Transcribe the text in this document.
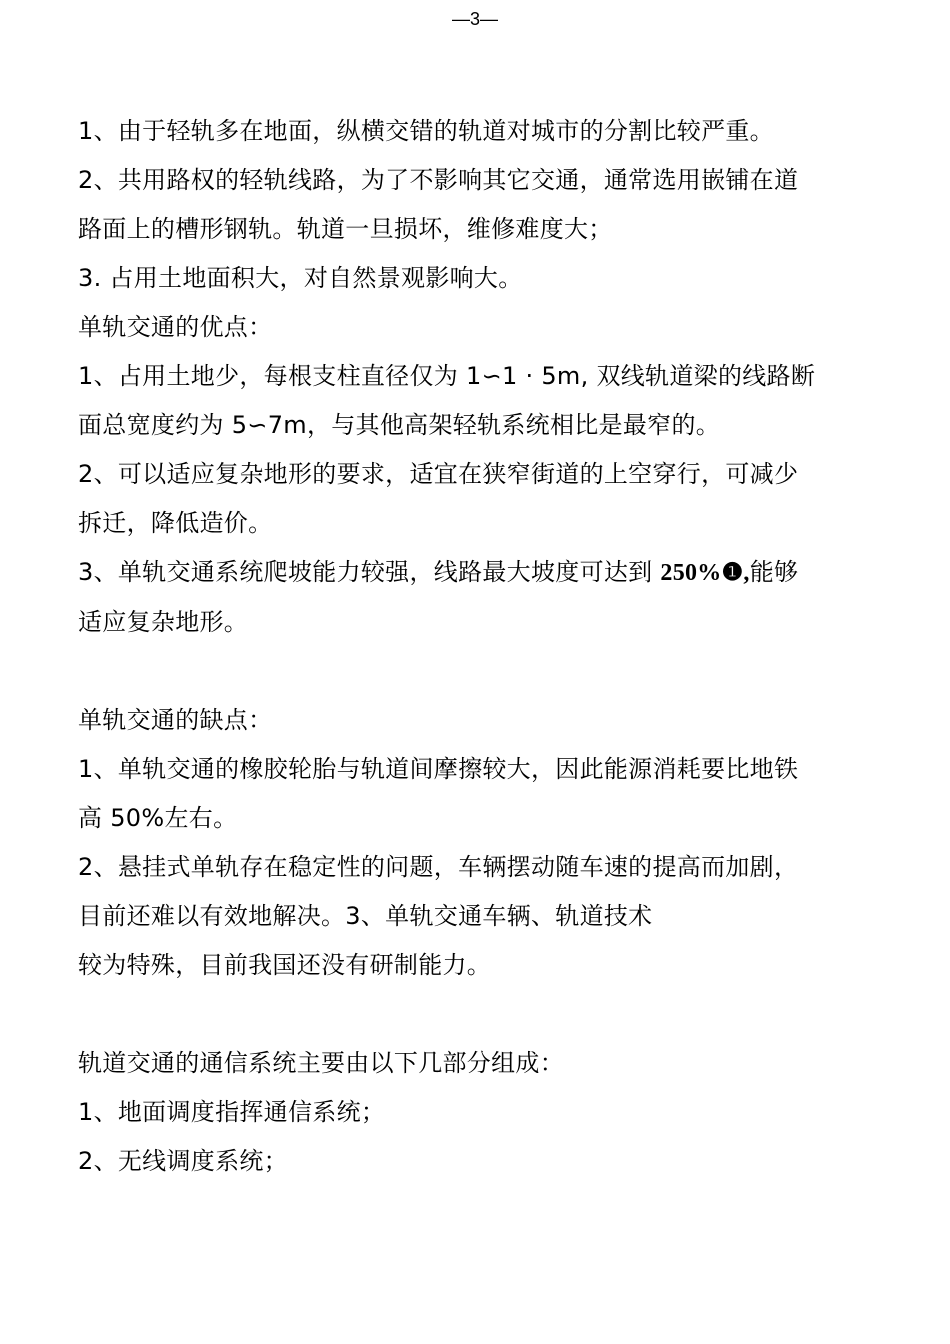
—3—
1、由于轻轨多在地面，纵横交错的轨道对城市的分割比较严重。
2、共用路权的轻轨线路，为了不影响其它交通，通常选用嵌铺在道
路面上的槽形钢轨。轨道一旦损坏，维修难度大；
3. 占用土地面积大，对自然景观影响大。
单轨交通的优点：
1、占用土地少，每根支柱直径仅为 1∽1 · 5m, 双线轨道梁的线路断
面总宽度约为 5∽7m，与其他高架轻轨系统相比是最窄的。
2、可以适应复杂地形的要求，适宜在狭窄街道的上空穿行，可减少
拆迁，降低造价。
3、单轨交通系统爬坡能力较强，线路最大坡度可达到 250%❶,能够
适应复杂地形。
单轨交通的缺点：
1、单轨交通的橡胶轮胎与轨道间摩擦较大，因此能源消耗要比地铁
高 50%左右。
2、悬挂式单轨存在稳定性的问题，车辆摆动随车速的提高而加剧，
目前还难以有效地解决。3、单轨交通车辆、轨道技术
较为特殊，目前我国还没有研制能力。
轨道交通的通信系统主要由以下几部分组成：
1、地面调度指挥通信系统；
2、无线调度系统；
